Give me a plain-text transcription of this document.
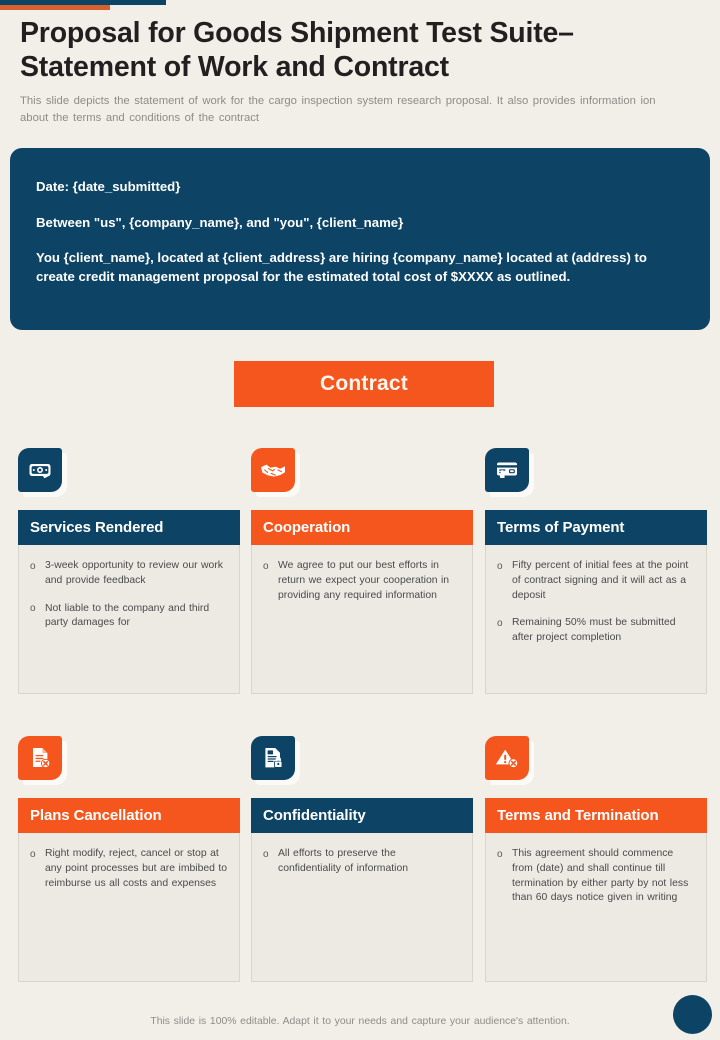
Proposal for Goods Shipment Test Suite– Statement of Work and Contract
This slide depicts the statement of work for the cargo inspection system research proposal. It also provides information ion about the terms and conditions of the contract
Date: {date_submitted}
Between "us", {company_name}, and "you", {client_name}
You {client_name}, located at {client_address} are hiring {company_name} located at (address) to create credit management proposal for the estimated total cost of $XXXX as outlined.
Contract
Services Rendered
o 3-week opportunity to review our work and provide feedback
o Not liable to the company and third party damages for
Cooperation
o We agree to put our best efforts in return we expect your cooperation in providing any required information
Terms of Payment
o Fifty percent of initial fees at the point of contract signing and it will act as a deposit
o Remaining 50% must be submitted after project completion
Plans Cancellation
o Right modify, reject, cancel or stop at any point processes but are imbibed to reimburse us all costs and expenses
Confidentiality
o All efforts to preserve the confidentiality of information
Terms and Termination
o This agreement should commence from (date) and shall continue till termination by either party by not less than 60 days notice given in writing
This slide is 100% editable. Adapt it to your needs and capture your audience's attention.
